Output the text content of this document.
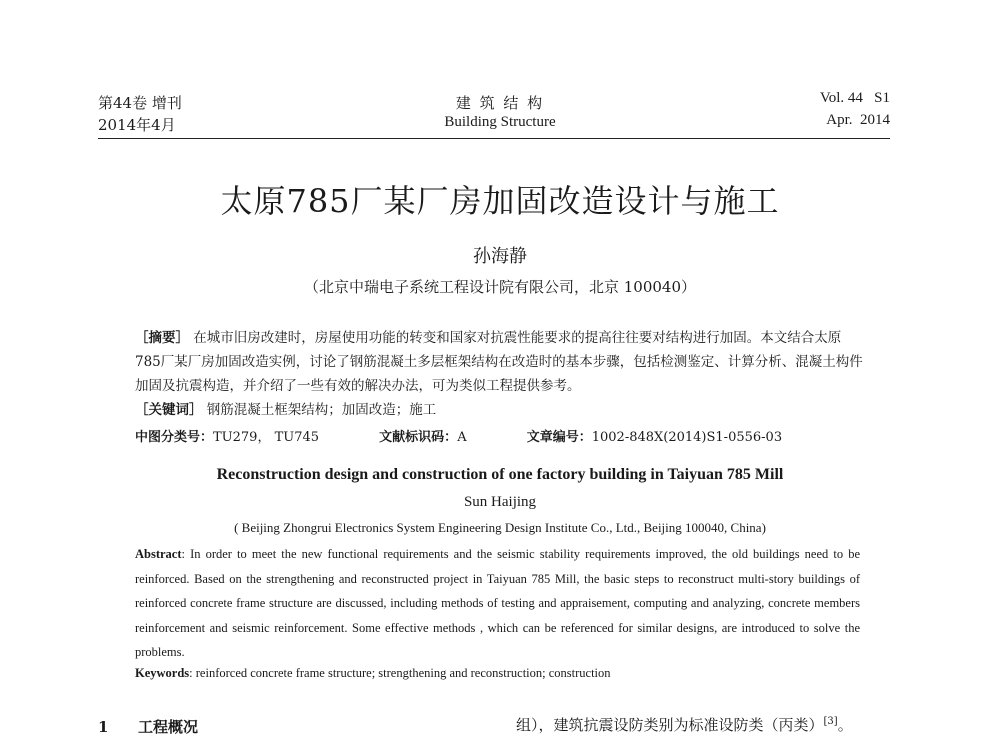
第44卷 增刊
2014年4月
建 筑 结 构
Building Structure
Vol. 44   S1
Apr.  2014
太原785厂某厂房加固改造设计与施工
孙海静
（北京中瑞电子系统工程设计院有限公司，北京 100040）

［摘要］ 在城市旧房改建时，房屋使用功能的转变和国家对抗震性能要求的提高往往要对结构进行加固。本文结合太原785厂某厂房加固改造实例，讨论了钢筋混凝土多层框架结构在改造时的基本步骤，包括检测鉴定、计算分析、混凝土构件加固及抗震构造，并介绍了一些有效的解决办法，可为类似工程提供参考。

［关键词］ 钢筋混凝土框架结构；加固改造；施工

中图分类号：TU279， TU745	文献标识码：A	文章编号：1002-848X(2014)S1-0556-03
Reconstruction design and construction of one factory building in Taiyuan 785 Mill
Sun Haijing
( Beijing Zhongrui Electronics System Engineering Design Institute Co., Ltd., Beijing 100040, China)

Abstract: In order to meet the new functional requirements and the seismic stability requirements improved, the old buildings need to be reinforced. Based on the strengthening and reconstructed project in Taiyuan 785 Mill, the basic steps to reconstruct multi-story buildings of reinforced concrete frame structure are discussed, including methods of testing and appraisement, computing and analyzing, concrete members reinforcement and seismic reinforcement. Some effective methods , which can be referenced for similar designs, are introduced to solve the problems.

Keywords: reinforced concrete frame structure; strengthening and reconstruction; construction
1 工程概况	组），建筑抗震设防类别为标准设防类（丙类）[3]。
